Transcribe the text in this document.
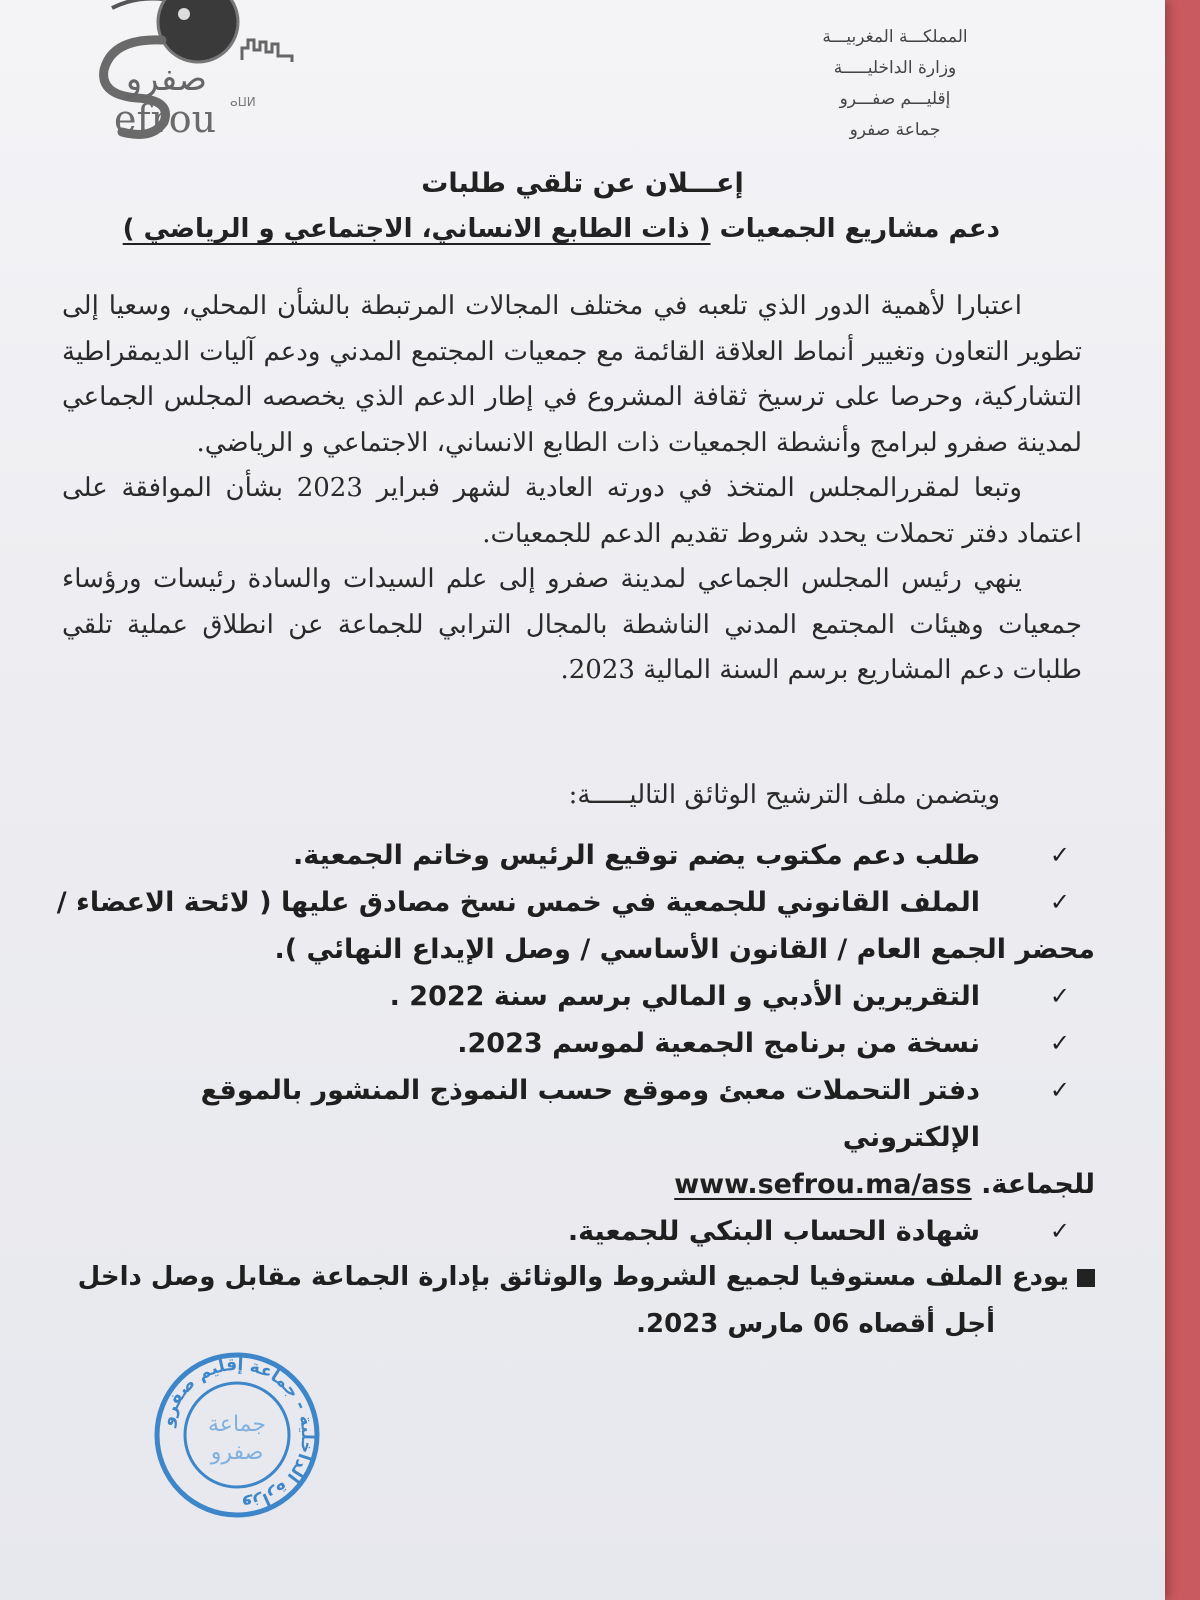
صفرو
ⴰⵡⵍ
efrou
المملكـــة المغربيـــة
وزارة الداخليـــــة
إقليـــم صفـــرو
جماعة صفرو
إعـــلان عن تلقي طلبات
دعم مشاريع الجمعيات ( ذات الطابع الانساني، الاجتماعي و الرياضي )

اعتبارا لأهمية الدور الذي تلعبه في مختلف المجالات المرتبطة بالشأن المحلي، وسعيا إلى تطوير التعاون وتغيير أنماط العلاقة القائمة مع جمعيات المجتمع المدني ودعم آليات الديمقراطية التشاركية، وحرصا على ترسيخ ثقافة المشروع في إطار الدعم الذي يخصصه المجلس الجماعي لمدينة صفرو لبرامج وأنشطة الجمعيات ذات الطابع الانساني، الاجتماعي و الرياضي.

وتبعا لمقررالمجلس المتخذ في دورته العادية لشهر فبراير 2023 بشأن الموافقة على اعتماد دفتر تحملات يحدد شروط تقديم الدعم للجمعيات.

ينهي رئيس المجلس الجماعي لمدينة صفرو إلى علم السيدات والسادة رئيسات ورؤساء جمعيات وهيئات المجتمع المدني الناشطة بالمجال الترابي للجماعة عن انطلاق عملية تلقي طلبات دعم المشاريع برسم السنة المالية 2023.

ويتضمن ملف الترشيح الوثائق التاليـــــة:
✓
طلب دعم مكتوب يضم توقيع الرئيس وخاتم الجمعية.
✓
الملف القانوني للجمعية في خمس نسخ مصادق عليها ( لائحة الاعضاء /
محضر الجمع العام / القانون الأساسي / وصل الإيداع النهائي ).
✓
التقريرين الأدبي و المالي برسم سنة 2022 .
✓
نسخة من برنامج الجمعية لموسم 2023.
✓
دفتر التحملات معبئ وموقع حسب النموذج المنشور بالموقع الإلكتروني
للجماعة. www.sefrou.ma/ass
✓
شهادة الحساب البنكي للجمعية.
يودع الملف مستوفيا لجميع الشروط والوثائق بإدارة الجماعة مقابل وصل داخل
أجل أقصاه 06 مارس 2023.
وزارة الداخلية - جماعة إقليم صفرو
جماعة
صفرو
